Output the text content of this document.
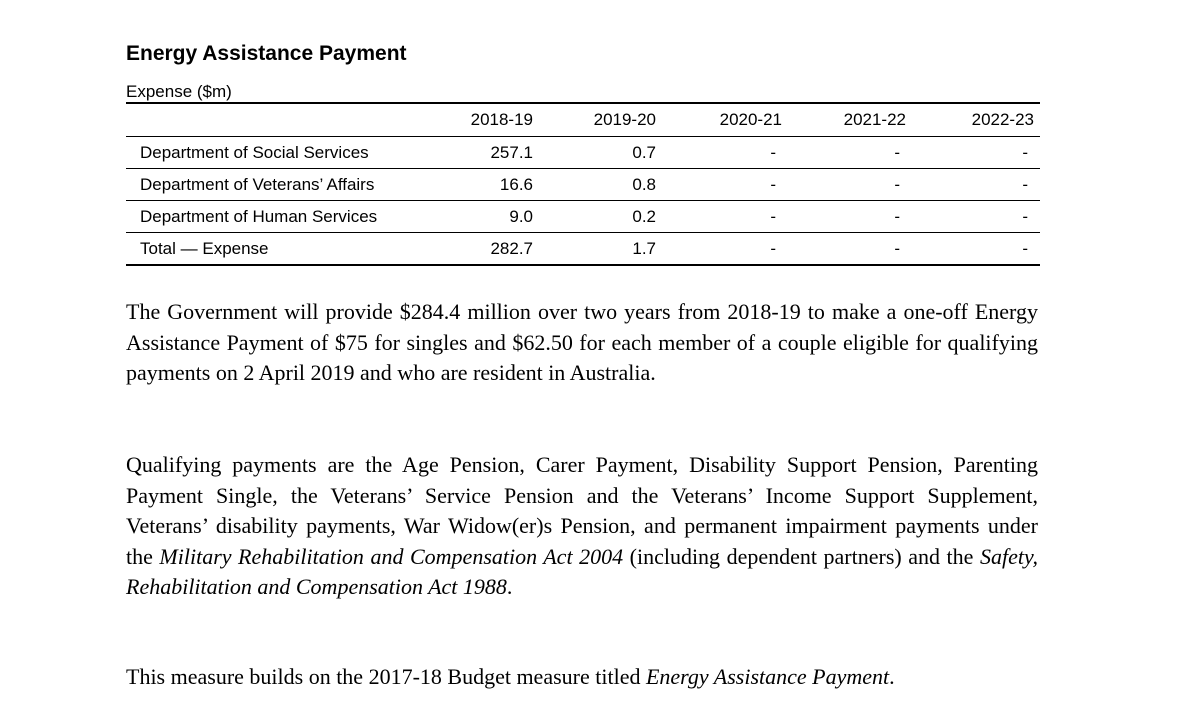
Energy Assistance Payment
Expense ($m)
	2018-19	2019-20	2020-21	2021-22	2022-23
Department of Social Services	257.1	0.7	-	-	-
Department of Veterans’ Affairs	16.6	0.8	-	-	-
Department of Human Services	9.0	0.2	-	-	-
Total — Expense	282.7	1.7	-	-	-

The Government will provide $284.4 million over two years from 2018-19 to make a one-off Energy Assistance Payment of $75 for singles and $62.50 for each member of a couple eligible for qualifying payments on 2 April 2019 and who are resident in Australia.

Qualifying payments are the Age Pension, Carer Payment, Disability Support Pension, Parenting Payment Single, the Veterans’ Service Pension and the Veterans’ Income Support Supplement, Veterans’ disability payments, War Widow(er)s Pension, and permanent impairment payments under the Military Rehabilitation and Compensation Act 2004 (including dependent partners) and the Safety, Rehabilitation and Compensation Act 1988.

This measure builds on the 2017-18 Budget measure titled Energy Assistance Payment.
